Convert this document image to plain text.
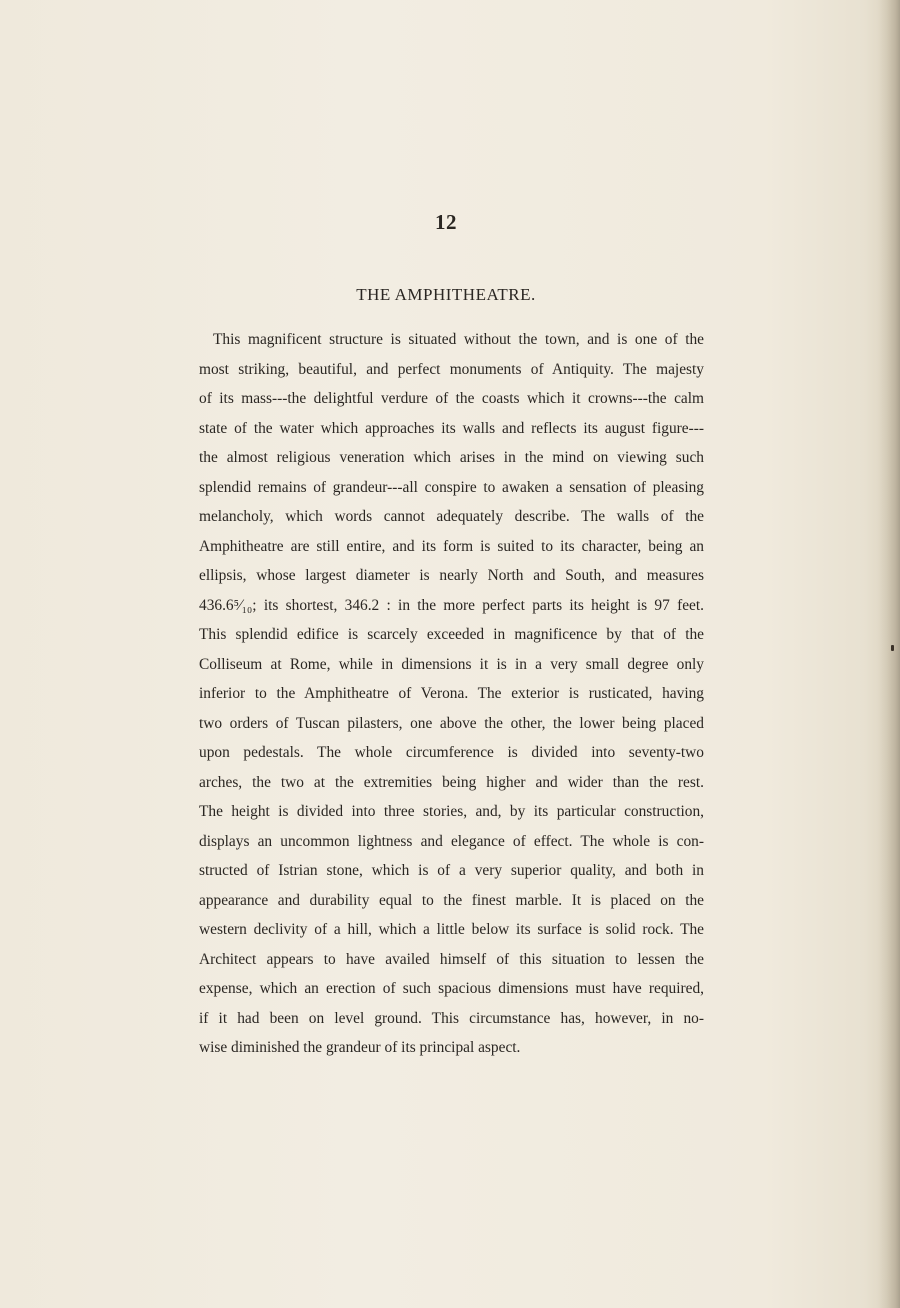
12
THE AMPHITHEATRE.
This magnificent structure is situated without the town, and is one of the
most striking, beautiful, and perfect monuments of Antiquity. The majesty
of its mass---the delightful verdure of the coasts which it crowns---the calm
state of the water which approaches its walls and reflects its august figure---
the almost religious veneration which arises in the mind on viewing such
splendid remains of grandeur---all conspire to awaken a sensation of pleasing
melancholy, which words cannot adequately describe. The walls of the
Amphitheatre are still entire, and its form is suited to its character, being an
ellipsis, whose largest diameter is nearly North and South, and measures
436.6⁵⁄₁₀; its shortest, 346.2 : in the more perfect parts its height is 97 feet.
This splendid edifice is scarcely exceeded in magnificence by that of the
Colliseum at Rome, while in dimensions it is in a very small degree only
inferior to the Amphitheatre of Verona. The exterior is rusticated, having
two orders of Tuscan pilasters, one above the other, the lower being placed
upon pedestals. The whole circumference is divided into seventy-two
arches, the two at the extremities being higher and wider than the rest.
The height is divided into three stories, and, by its particular construction,
displays an uncommon lightness and elegance of effect. The whole is con-
structed of Istrian stone, which is of a very superior quality, and both in
appearance and durability equal to the finest marble. It is placed on the
western declivity of a hill, which a little below its surface is solid rock. The
Architect appears to have availed himself of this situation to lessen the
expense, which an erection of such spacious dimensions must have required,
if it had been on level ground. This circumstance has, however, in no-
wise diminished the grandeur of its principal aspect.
